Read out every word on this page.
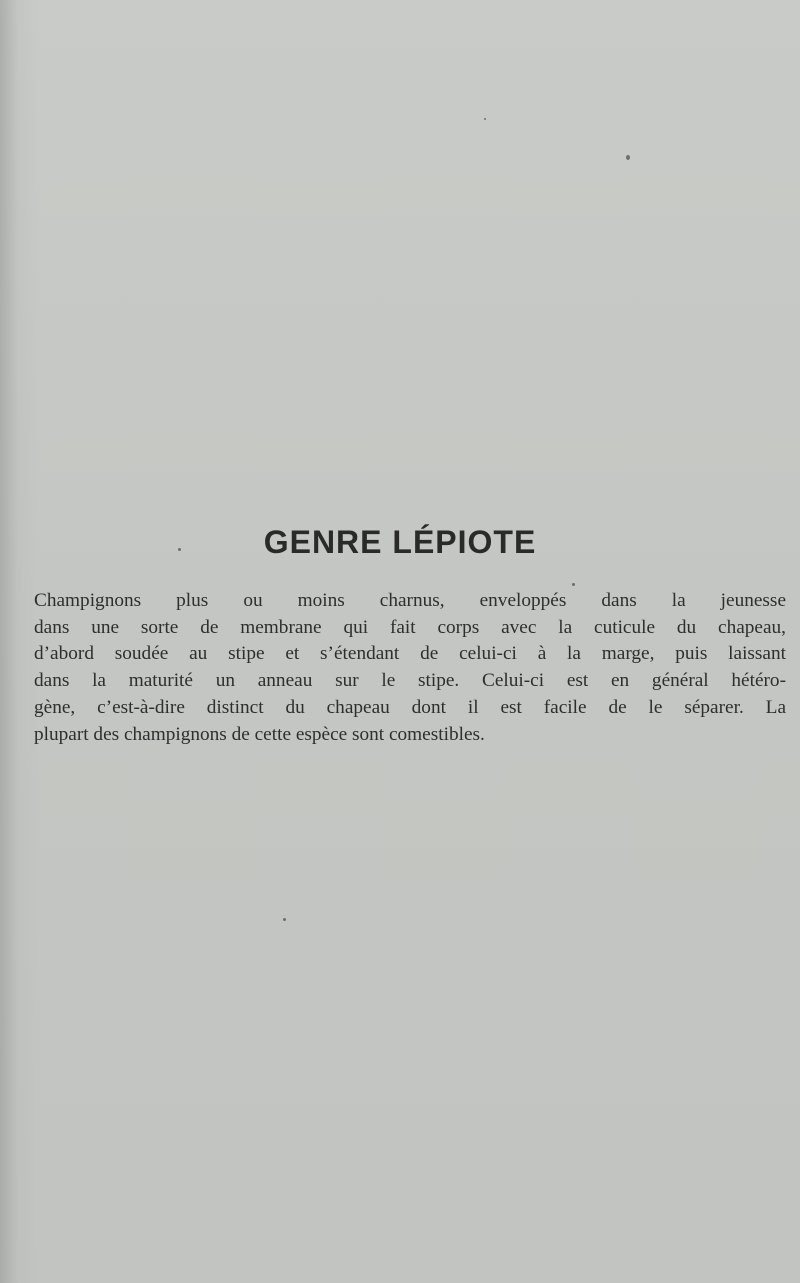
GENRE LÉPIOTE

Champignons plus ou moins charnus, enveloppés dans la jeunesse
dans une sorte de membrane qui fait corps avec la cuticule du chapeau,
d’abord soudée au stipe et s’étendant de celui-ci à la marge, puis laissant
dans la maturité un anneau sur le stipe. Celui-ci est en général hétéro-
gène, c’est-à-dire distinct du chapeau dont il est facile de le séparer. La
plupart des champignons de cette espèce sont comestibles.
